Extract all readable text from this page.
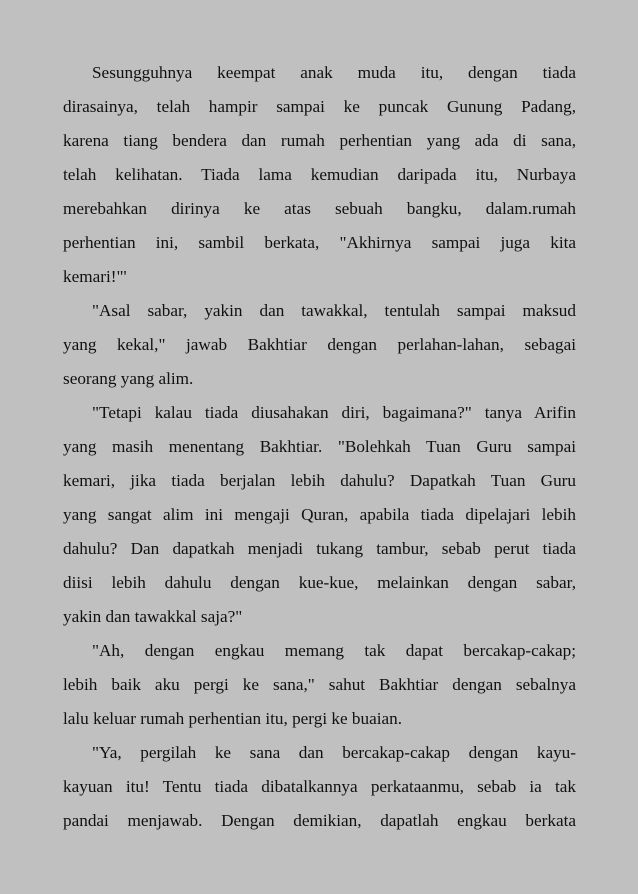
Sesungguhnya keempat anak muda itu, dengan tiada
dirasainya, telah hampir sampai ke puncak Gunung Padang,
karena tiang bendera dan rumah perhentian yang ada di sana,
telah kelihatan. Tiada lama kemudian daripada itu, Nurbaya
merebahkan dirinya ke atas sebuah bangku, dalam.rumah
perhentian ini, sambil berkata, "Akhirnya sampai juga kita
kemari!"'
"Asal sabar, yakin dan tawakkal, tentulah sampai maksud
yang kekal," jawab Bakhtiar dengan perlahan-lahan, sebagai
seorang yang alim.
"Tetapi kalau tiada diusahakan diri, bagaimana?" tanya Arifin
yang masih menentang Bakhtiar. "Bolehkah Tuan Guru sampai
kemari, jika tiada berjalan lebih dahulu? Dapatkah Tuan Guru
yang sangat alim ini mengaji Quran, apabila tiada dipelajari lebih
dahulu? Dan dapatkah menjadi tukang tambur, sebab perut tiada
diisi lebih dahulu dengan kue-kue, melainkan dengan sabar,
yakin dan tawakkal saja?"
"Ah, dengan engkau memang tak dapat bercakap-cakap;
lebih baik aku pergi ke sana," sahut Bakhtiar dengan sebalnya
lalu keluar rumah perhentian itu, pergi ke buaian.
"Ya, pergilah ke sana dan bercakap-cakap dengan kayu-
kayuan itu! Tentu tiada dibatalkannya perkataanmu, sebab ia tak
pandai menjawab. Dengan demikian, dapatlah engkau berkata
